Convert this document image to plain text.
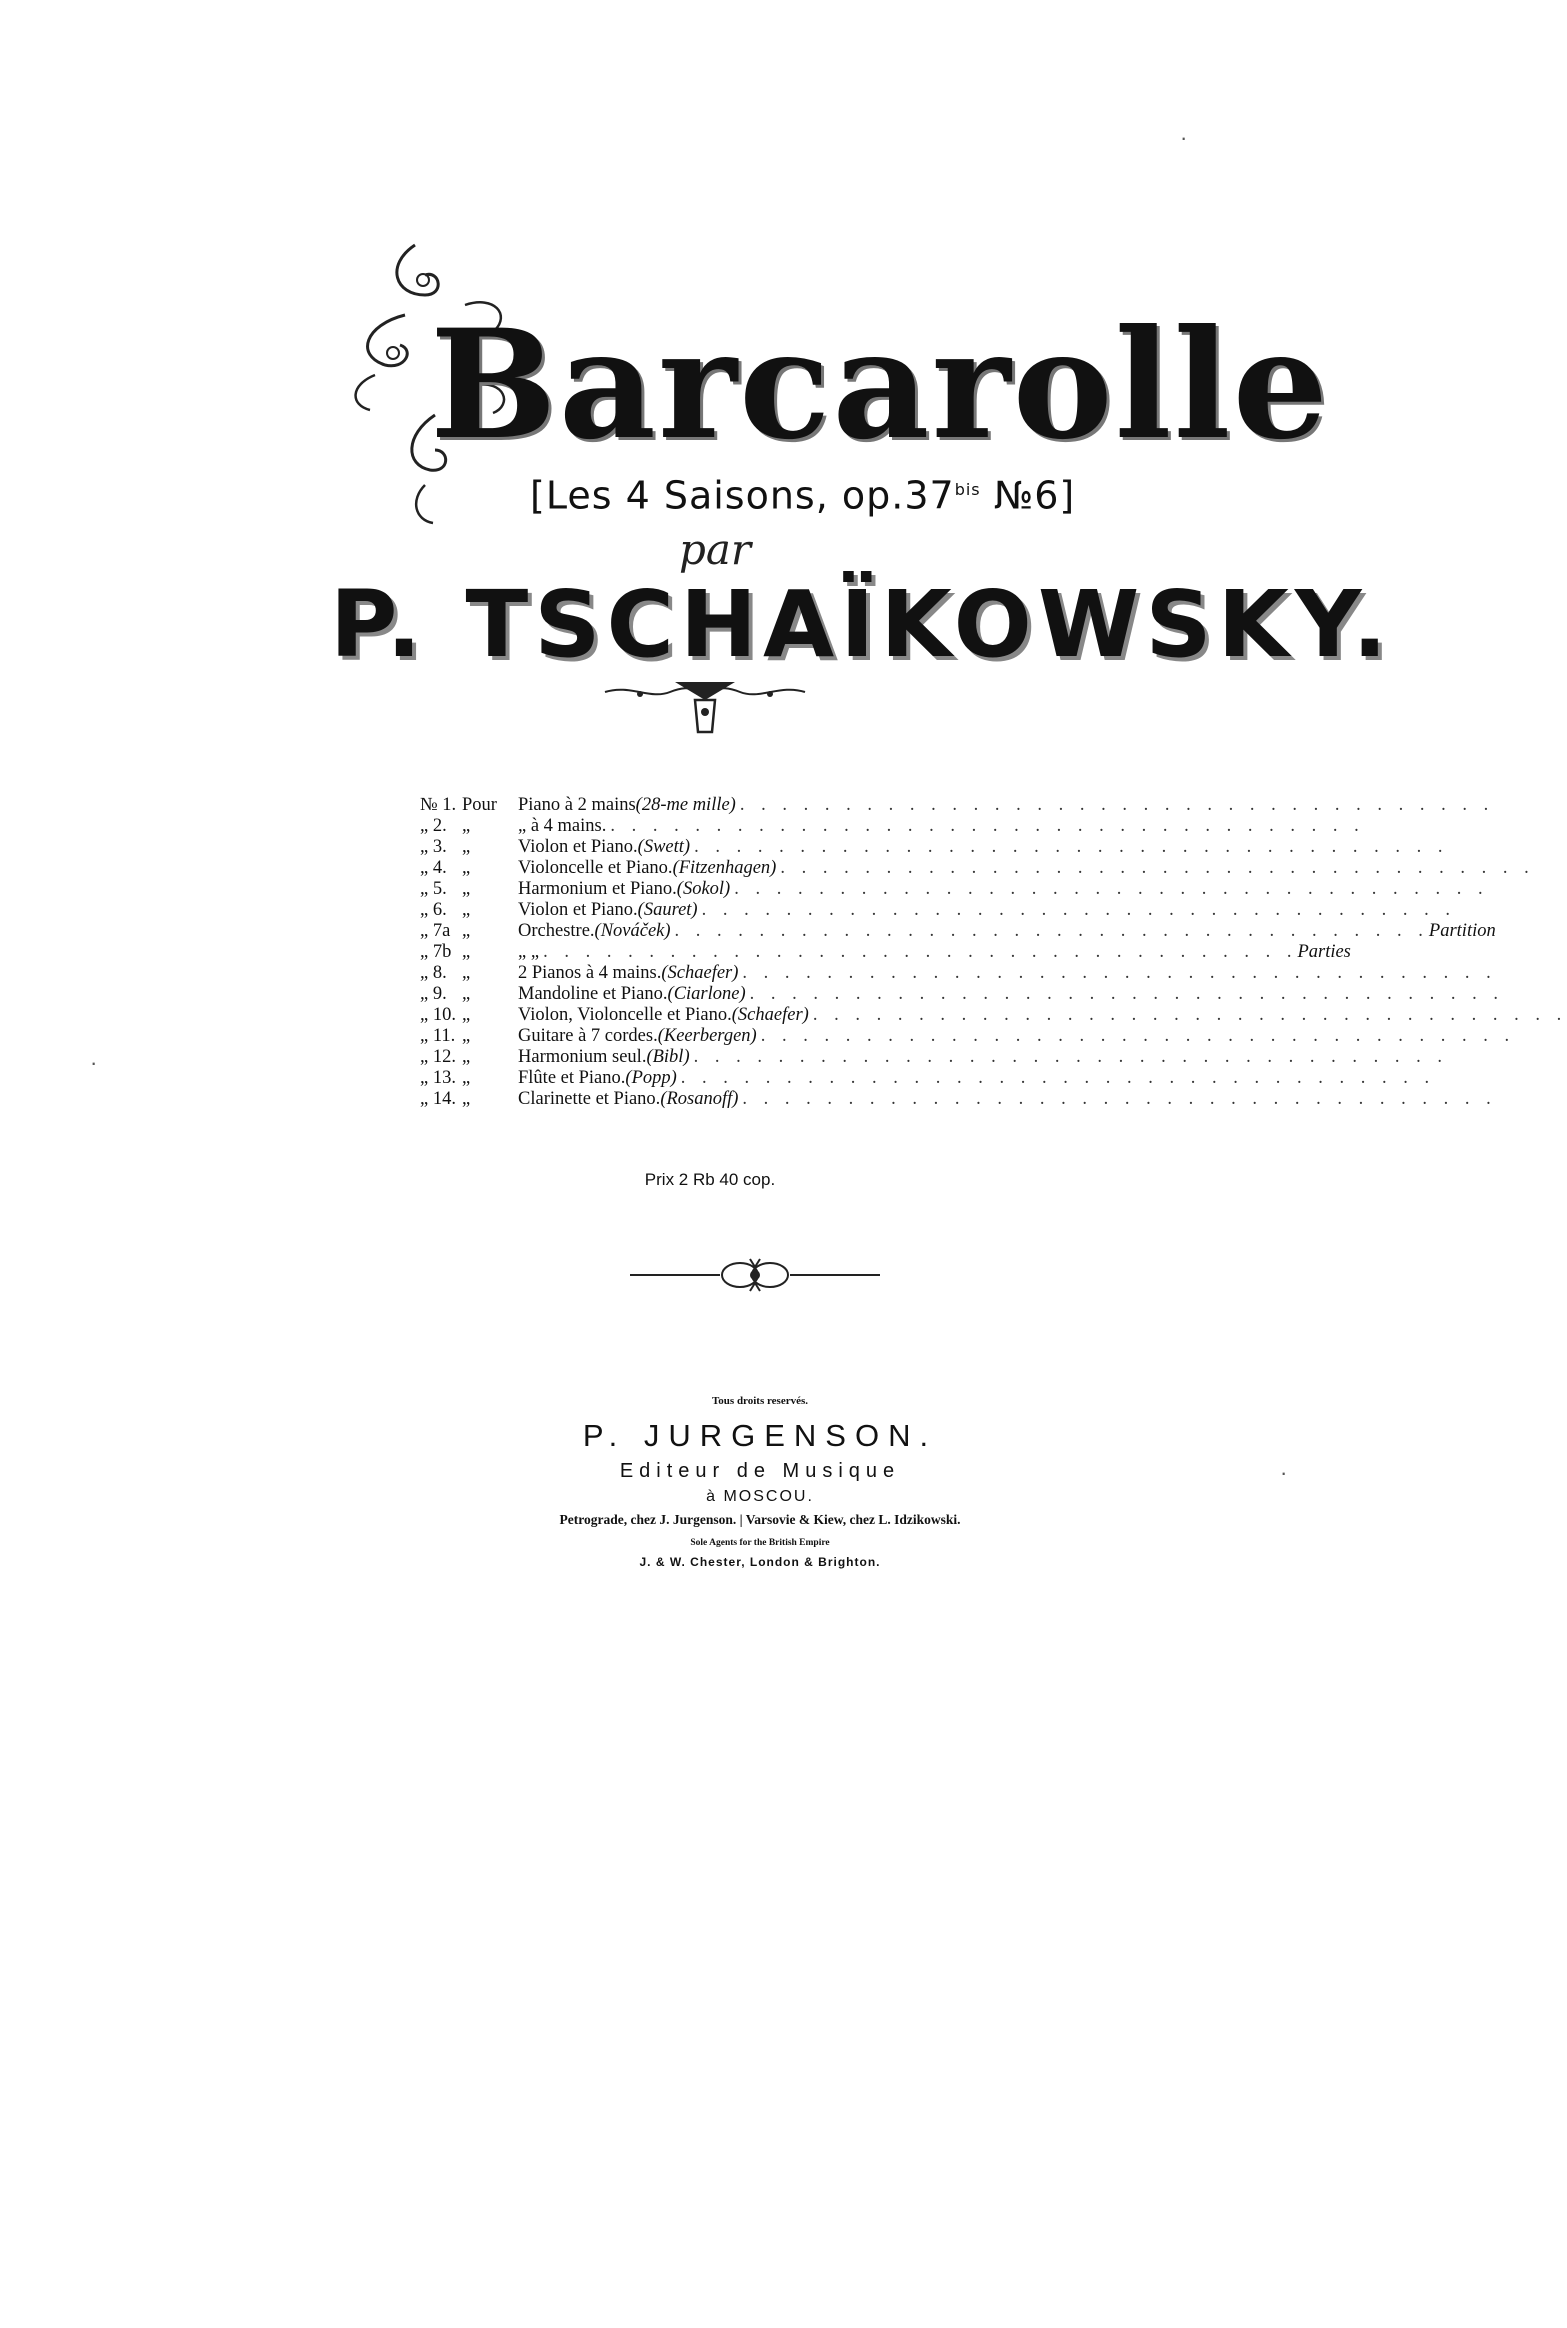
Barcarolle
[Les 4 Saisons, $op.37^{bis}$ №6]
par
P. TSCHAÏKOWSKY.
№ 1. Pour	Piano à 2 mains (28-me mille) . . . . . . . . . . . . . . . . . . . . . . . . . . . . . . . . . . . .
„ 2. „	„ à 4 mains. . . . . . . . . . . . . . . . . . . . . . . . . . . . . . . . . . . . .
„ 3. „	Violon et Piano. (Swett) . . . . . . . . . . . . . . . . . . . . . . . . . . . . . . . . . . . .
„ 4. „	Violoncelle et Piano. (Fitzenhagen) . . . . . . . . . . . . . . . . . . . . . . . . . . . . . . . . . . . .
„ 5. „	Harmonium et Piano. (Sokol) . . . . . . . . . . . . . . . . . . . . . . . . . . . . . . . . . . . .
„ 6. „	Violon et Piano. (Sauret) . . . . . . . . . . . . . . . . . . . . . . . . . . . . . . . . . . . .
„ 7a „	Orchestre. (Nováček) . . . . . . . . . . . . . . . . . . . . . . . . . . . . . . . . . . . . Partition
„ 7b „	„ „ . . . . . . . . . . . . . . . . . . . . . . . . . . . . . . . . . . . . Parties
„ 8. „	2 Pianos à 4 mains. (Schaefer) . . . . . . . . . . . . . . . . . . . . . . . . . . . . . . . . . . . .
„ 9. „	Mandoline et Piano. (Ciarlone) . . . . . . . . . . . . . . . . . . . . . . . . . . . . . . . . . . . .
„ 10. „	Violon, Violoncelle et Piano. (Schaefer) . . . . . . . . . . . . . . . . . . . . . . . . . . . . . . . . . . . .
„ 11. „	Guitare à 7 cordes. (Keerbergen) . . . . . . . . . . . . . . . . . . . . . . . . . . . . . . . . . . . .
„ 12. „	Harmonium seul. (Bibl) . . . . . . . . . . . . . . . . . . . . . . . . . . . . . . . . . . . .
„ 13. „	Flûte et Piano. (Popp) . . . . . . . . . . . . . . . . . . . . . . . . . . . . . . . . . . . .
„ 14. „	Clarinette et Piano. (Rosanoff) . . . . . . . . . . . . . . . . . . . . . . . . . . . . . . . . . . . .
Prix 2 Rb 40 cop.
Tous droits reservés.
P. JURGENSON.
Editeur de Musique
à MOSCOU.
Petrograde, chez J. Jurgenson. | Varsovie & Kiew, chez L. Idzikowski.
Sole Agents for the British Empire
J. & W. Chester, London & Brighton.
·
·
·
